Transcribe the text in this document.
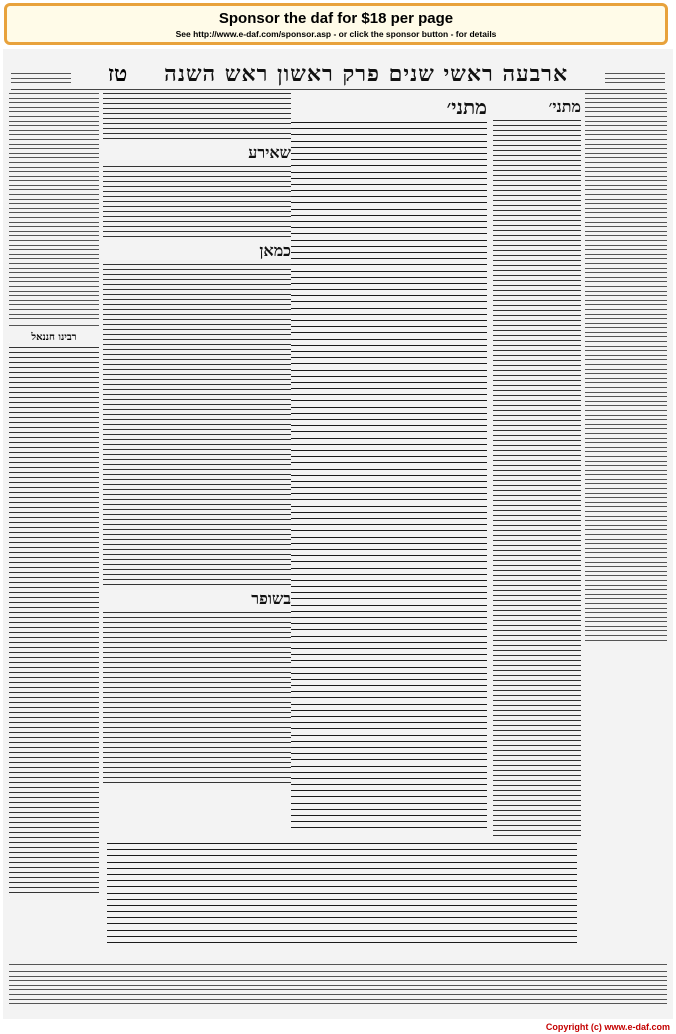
Sponsor the daf for $18 per page
See http://www.e-daf.com/sponsor.asp - or click the sponsor button - for details
ארבעה ראשי שנים פרק ראשון ראש השנה
טז
מתני׳
מתני׳
שאירע
כמאן
בשופר
רבינו חננאל
Copyright (c) www.e-daf.com
